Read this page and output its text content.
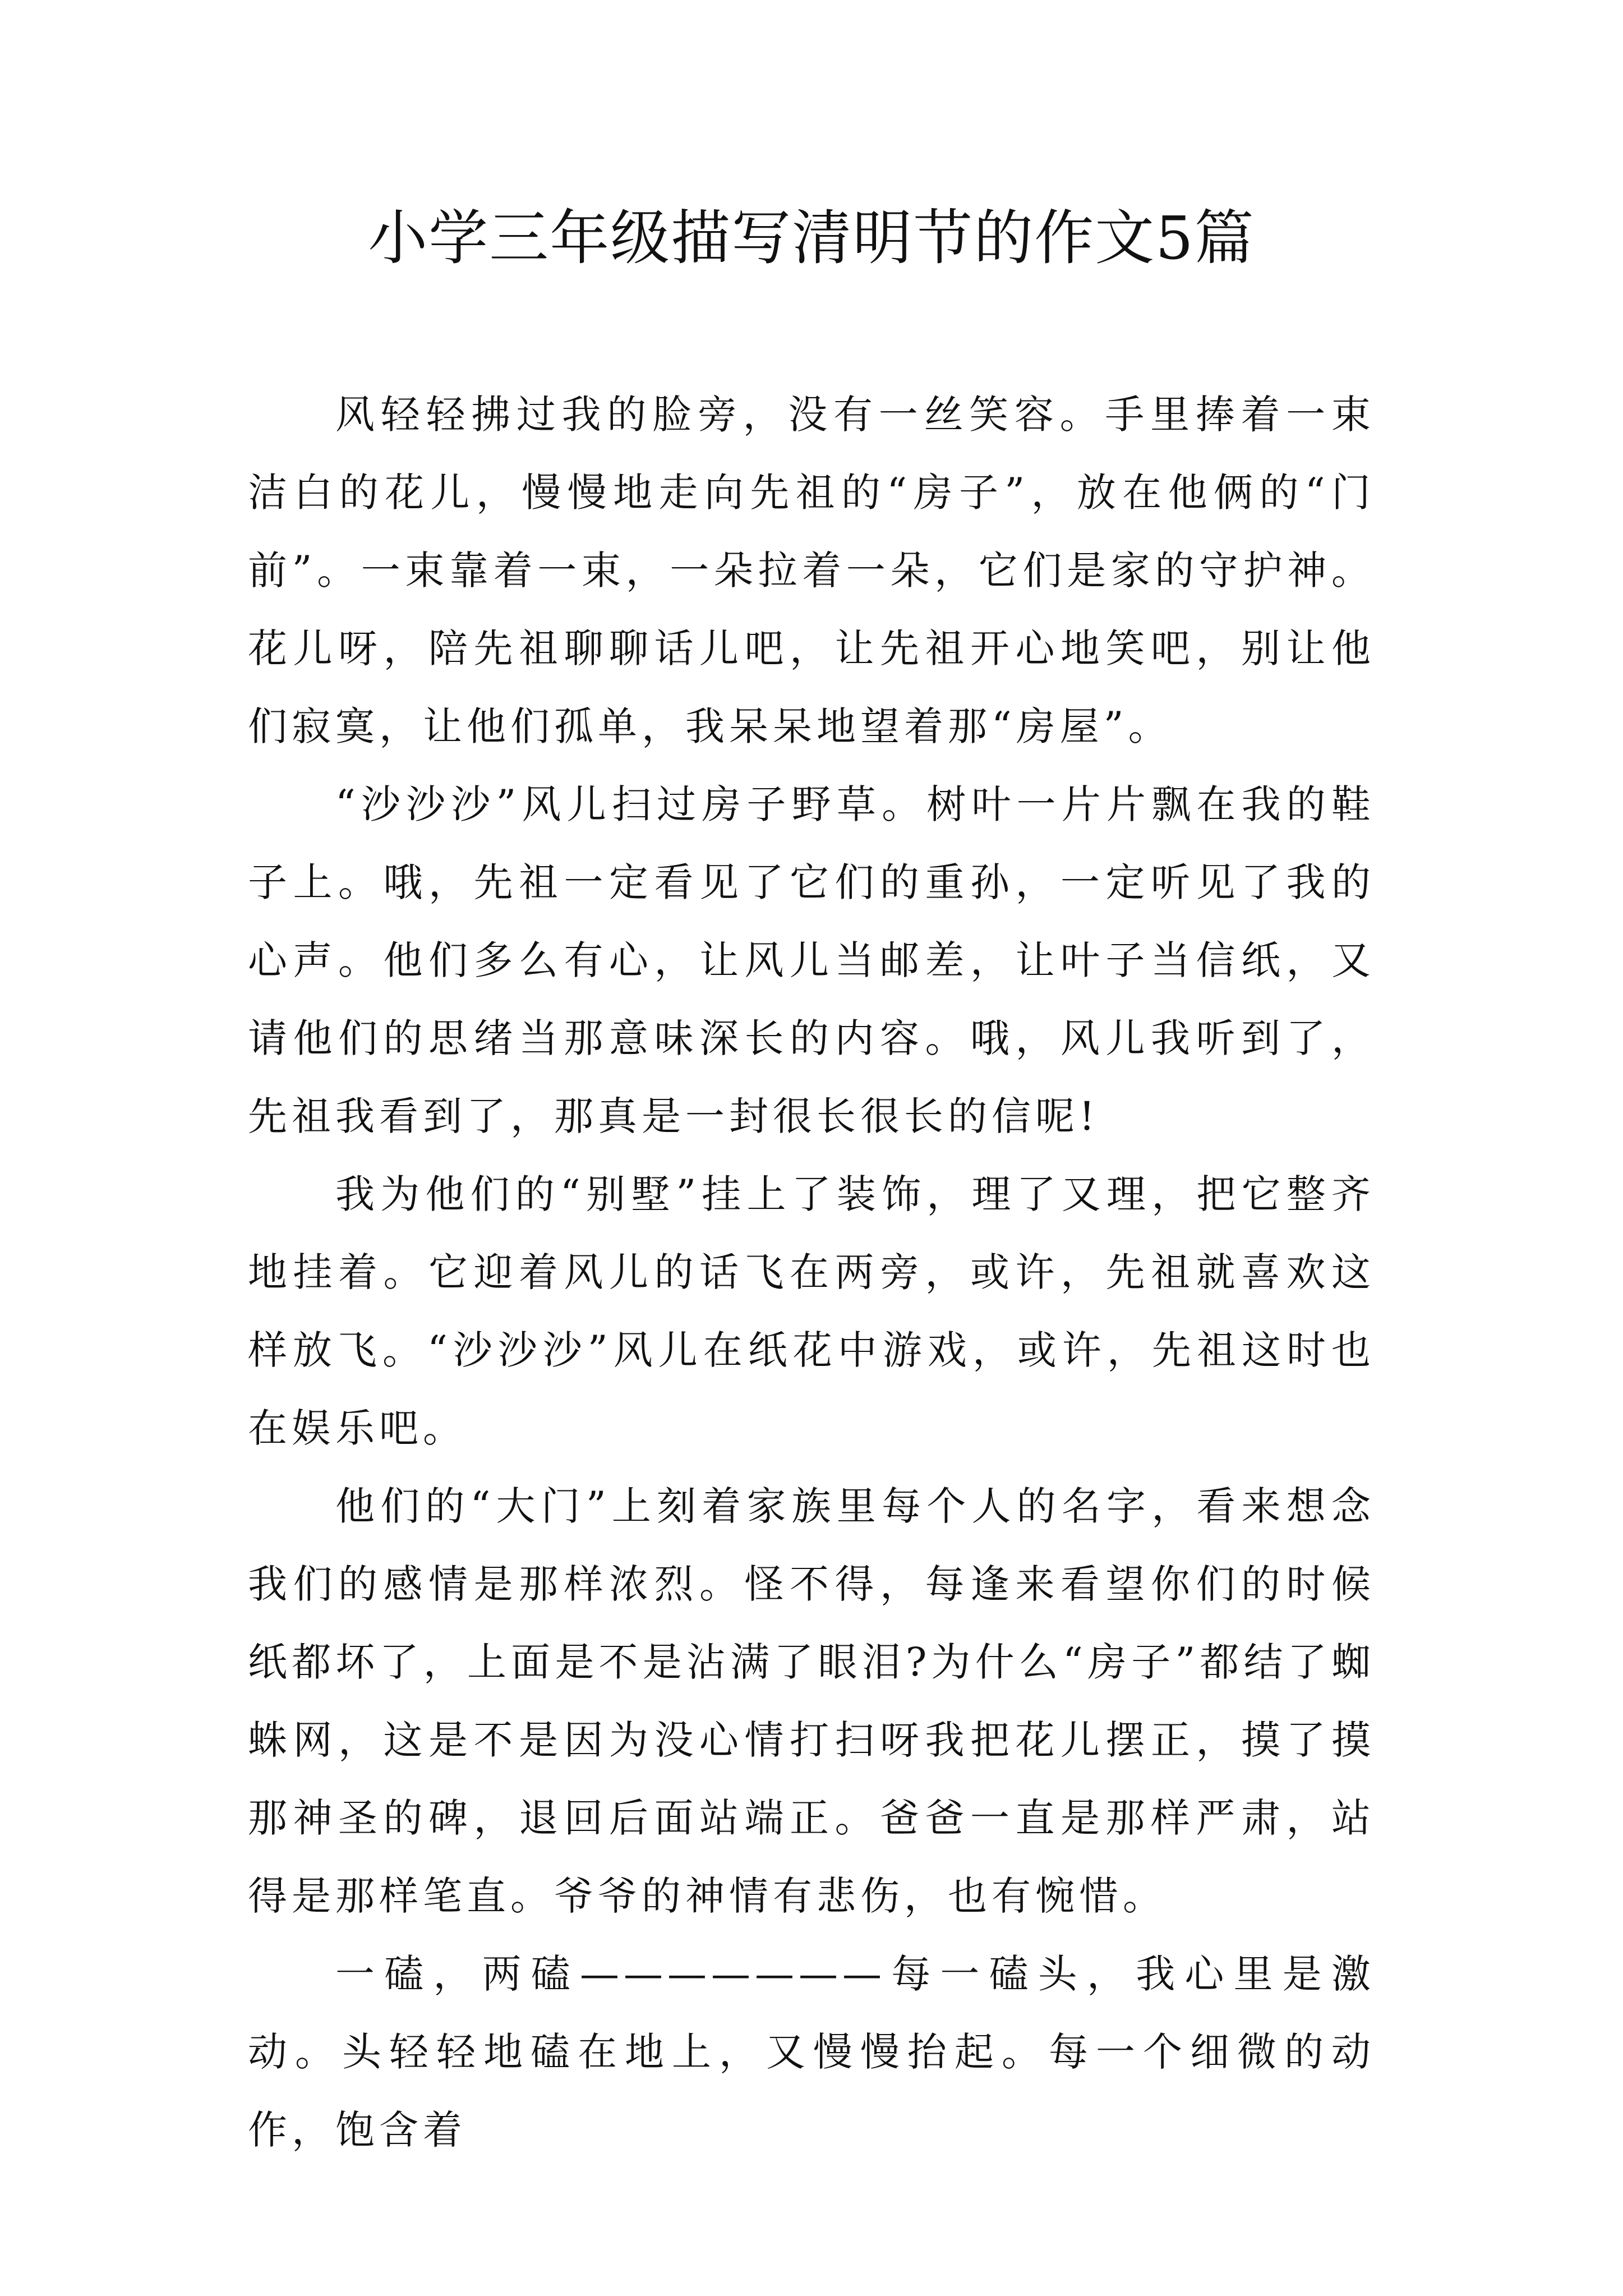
小学三年级描写清明节的作文5篇

风轻轻拂过我的脸旁，没有一丝笑容。手里捧着一束洁白的花儿，慢慢地走向先祖的“房子”，放在他俩的“门前”。一束靠着一束，一朵拉着一朵，它们是家的守护神。花儿呀，陪先祖聊聊话儿吧，让先祖开心地笑吧，别让他们寂寞，让他们孤单，我呆呆地望着那“房屋”。

“沙沙沙”风儿扫过房子野草。树叶一片片飘在我的鞋子上。哦，先祖一定看见了它们的重孙，一定听见了我的心声。他们多么有心，让风儿当邮差，让叶子当信纸，又请他们的思绪当那意味深长的内容。哦，风儿我听到了，先祖我看到了，那真是一封很长很长的信呢!

我为他们的“别墅”挂上了装饰，理了又理，把它整齐地挂着。它迎着风儿的话飞在两旁，或许，先祖就喜欢这样放飞。“沙沙沙”风儿在纸花中游戏，或许，先祖这时也在娱乐吧。

他们的“大门”上刻着家族里每个人的名字，看来想念我们的感情是那样浓烈。怪不得，每逢来看望你们的时候纸都坏了，上面是不是沾满了眼泪?为什么“房子”都结了蜘蛛网，这是不是因为没心情打扫呀我把花儿摆正，摸了摸那神圣的碑，退回后面站端正。爸爸一直是那样严肃，站得是那样笔直。爷爷的神情有悲伤，也有惋惜。

一磕，两磕———————每一磕头，我心里是激动。头轻轻地磕在地上，又慢慢抬起。每一个细微的动作，饱含着
